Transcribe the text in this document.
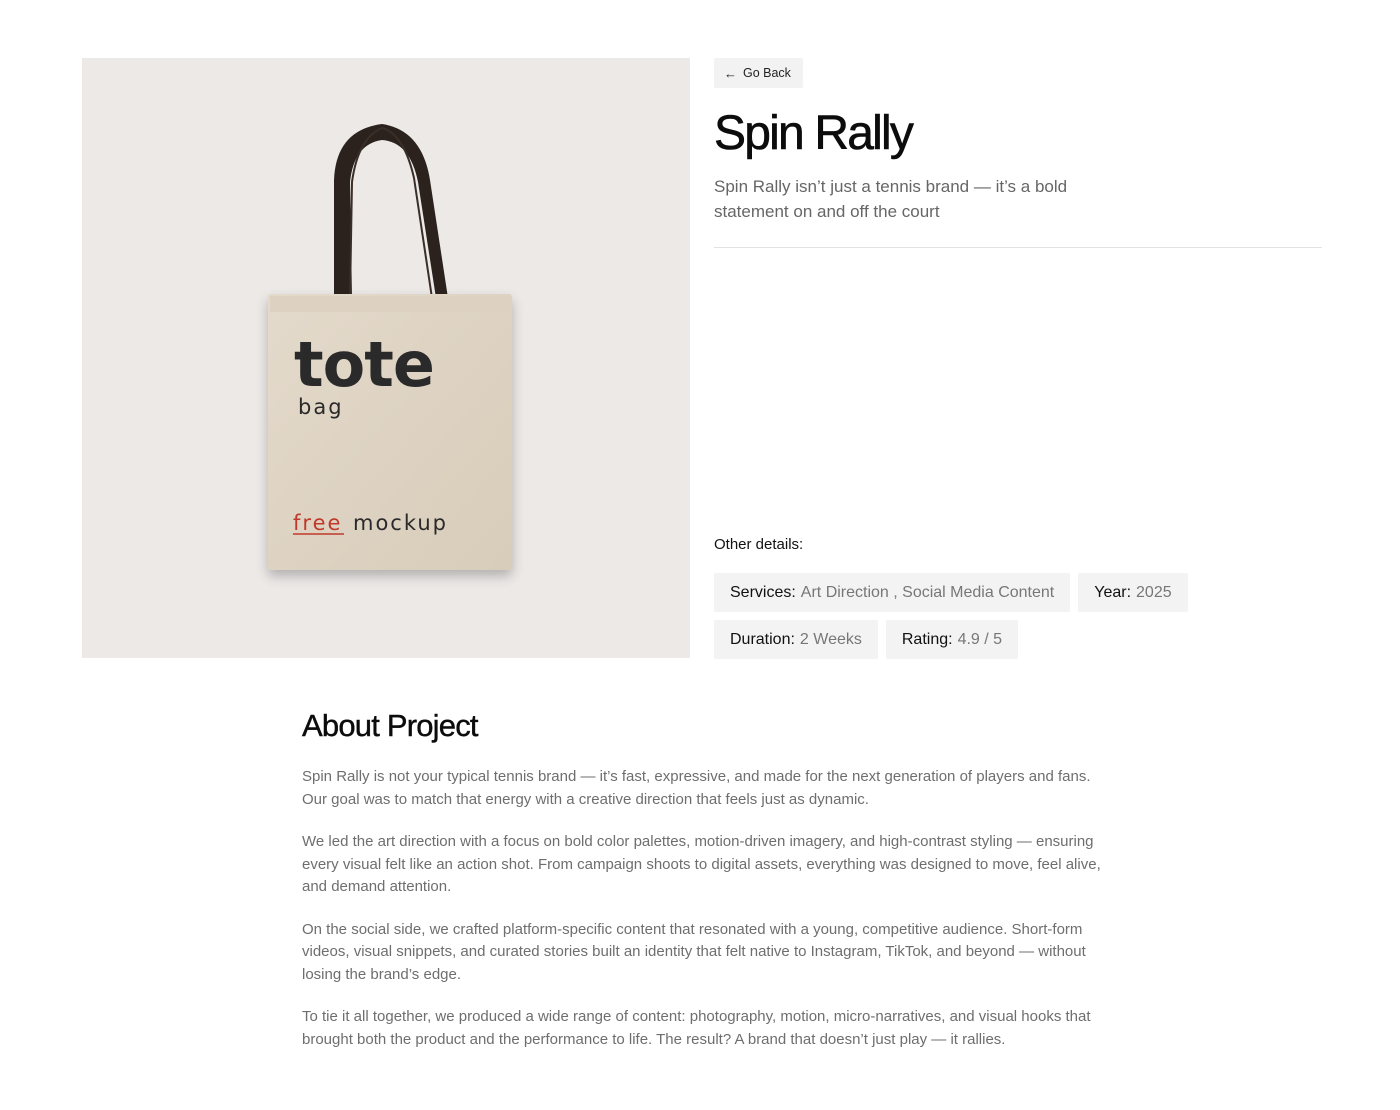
tote
bag
free mockup
← Go Back
Spin Rally

Spin Rally isn’t just a tennis brand — it’s a bold statement on and off the court

Other details:
Services: Art Direction , Social Media Content	Year: 2025
Duration: 2 Weeks	Rating: 4.9 / 5
About Project

Spin Rally is not your typical tennis brand — it’s fast, expressive, and made for the next generation of players and fans. Our goal was to match that energy with a creative direction that feels just as dynamic.

We led the art direction with a focus on bold color palettes, motion-driven imagery, and high-contrast styling — ensuring every visual felt like an action shot. From campaign shoots to digital assets, everything was designed to move, feel alive, and demand attention.

On the social side, we crafted platform-specific content that resonated with a young, competitive audience. Short-form videos, visual snippets, and curated stories built an identity that felt native to Instagram, TikTok, and beyond — without losing the brand’s edge.

To tie it all together, we produced a wide range of content: photography, motion, micro-narratives, and visual hooks that brought both the product and the performance to life. The result? A brand that doesn’t just play — it rallies.
